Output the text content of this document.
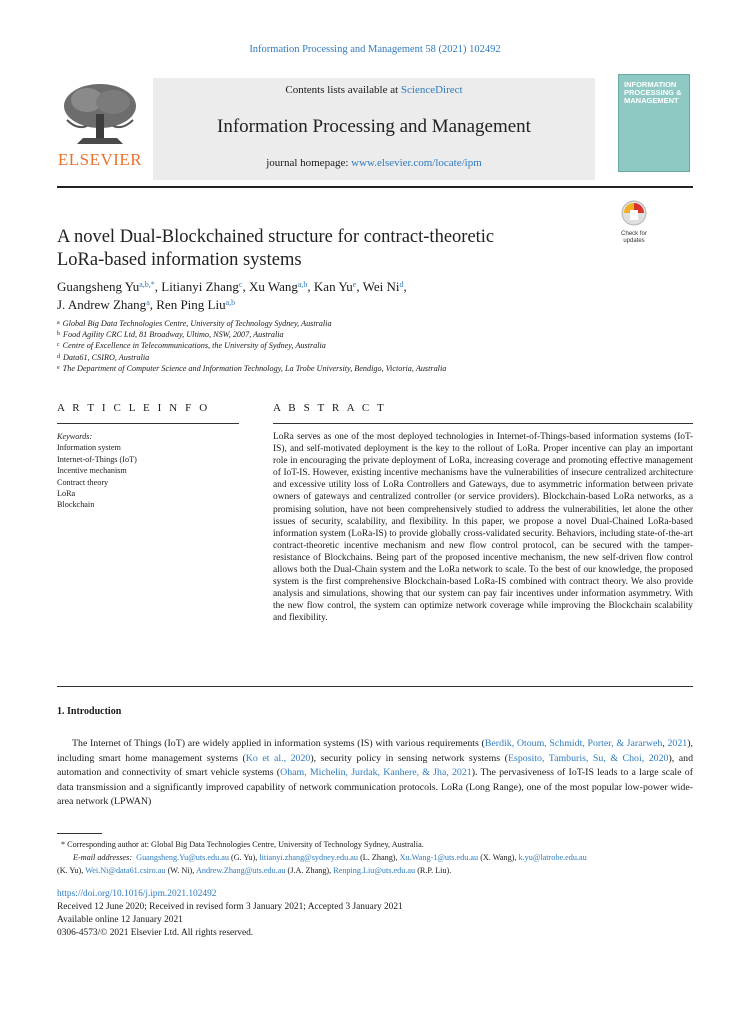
Information Processing and Management 58 (2021) 102492
ELSEVIER
Contents lists available at ScienceDirect
Information Processing and Management
journal homepage: www.elsevier.com/locate/ipm
INFORMATION PROCESSING & MANAGEMENT
Check for updates
A novel Dual-Blockchained structure for contract-theoretic
LoRa-based information systems
Guangsheng $Yu^{a,b,*}$, Litianyi Zhang$^c$, Xu Wang$^{a,b}$, Kan Yu$^e$, Wei Ni$^d$,
J. Andrew Zhang$^a$, Ren Ping Liu$^{a,b}$
$^a$ Global Big Data Technologies Centre, University of Technology Sydney, Australia
$^b$ Food Agility CRC Ltd, 81 Broadway, Ultimo, NSW, 2007, Australia
$^c$ Centre of Excellence in Telecommunications, the University of Sydney, Australia
$^d$ Data61, CSIRO, Australia
$^e$ The Department of Computer Science and Information Technology, La Trobe University, Bendigo, Victoria, Australia
A R T I C L E I N F O	A B S T R A C T
Keywords:
Information system
Internet-of-Things (IoT)
Incentive mechanism
Contract theory
LoRa
Blockchain
LoRa serves as one of the most deployed technologies in Internet-of-Things-based information systems (IoT-IS), and self-motivated deployment is the key to the rollout of LoRa. Proper incentive can play an important role in encouraging the private deployment of LoRa, increasing coverage and promoting effective management of IoT-IS. However, existing incentive mechanisms have the vulnerabilities of insecure centralized architecture and excessive utility loss of LoRa Controllers and Gateways, due to asymmetric information between private owners of gateways and centralized controller (or service providers). Blockchain-based LoRa networks, as a promising solution, have not been comprehensively studied to address the vulnerabilities, let alone the other issues of security, scalability, and flexibility. In this paper, we propose a novel Dual-Chained LoRa-based information system (LoRa-IS) to provide globally cross-validated security. Behaviors, including state-of-the-art contract-theoretic incentive mechanism and new flow control protocol, can be secured with the tamper-resistance of Blockchains. Being part of the proposed incentive mechanism, the new self-driven flow control allows both the Dual-Chain system and the LoRa network to scale. To the best of our knowledge, the proposed system is the first comprehensive Blockchain-based LoRa-IS combined with contract theory. We also provide analysis and simulations, showing that our system can pay fair incentives under information asymmetry. With the new flow control, the system can optimize network coverage while improving the Blockchain scalability and flexibility.
1. Introduction
The Internet of Things (IoT) are widely applied in information systems (IS) with various requirements (Berdik, Otoum, Schmidt, Porter, & Jararweh, 2021), including smart home management systems (Ko et al., 2020), security policy in sensing network systems (Esposito, Tamburis, Su, & Choi, 2020), and automation and connectivity of smart vehicle systems (Oham, Michelin, Jurdak, Kanhere, & Jha, 2021). The pervasiveness of IoT-IS leads to a large scale of data transmission and a significantly improved capability of network communication protocols. LoRa (Long Range), one of the most popular low-power wide-area network (LPWAN)
* Corresponding author at: Global Big Data Technologies Centre, University of Technology Sydney, Australia.
E-mail addresses: Guangsheng.Yu@uts.edu.au (G. Yu), litianyi.zhang@sydney.edu.au (L. Zhang), Xu.Wang-1@uts.edu.au (X. Wang), k.yu@latrobe.edu.au
(K. Yu), Wei.Ni@data61.csiro.au (W. Ni), Andrew.Zhang@uts.edu.au (J.A. Zhang), Renping.Liu@uts.edu.au (R.P. Liu).
https://doi.org/10.1016/j.ipm.2021.102492
Received 12 June 2020; Received in revised form 3 January 2021; Accepted 3 January 2021
Available online 12 January 2021
0306-4573/© 2021 Elsevier Ltd. All rights reserved.
